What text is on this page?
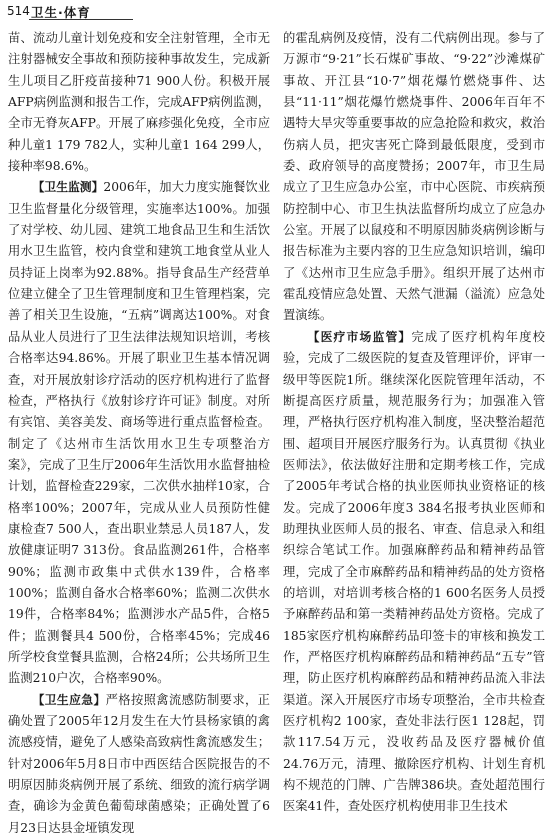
514 卫生·体育

苗、流动儿童计划免疫和安全注射管理，全市无注射器械安全事故和预防接种事故发生，完成新生儿项目乙肝疫苗接种71 900人份。积极开展AFP病例监测和报告工作，完成AFP病例监测，全市无脊灰AFP。开展了麻疹强化免疫，全市应种儿童1 179 782人，实种儿童1 164 299人，接种率98.6%。

【卫生监测】2006年，加大力度实施餐饮业卫生监督量化分级管理，实施率达100%。加强了对学校、幼儿园、建筑工地食品卫生和生活饮用水卫生监管，校内食堂和建筑工地食堂从业人员持证上岗率为92.88%。指导食品生产经营单位建立健全了卫生管理制度和卫生管理档案，完善了相关卫生设施，“五病”调离达100%。对食品从业人员进行了卫生法律法规知识培训，考核合格率达94.86%。开展了职业卫生基本情况调查，对开展放射诊疗活动的医疗机构进行了监督检查，严格执行《放射诊疗许可证》制度。对所有宾馆、美容美发、商场等进行重点监督检查。制定了《达州市生活饮用水卫生专项整治方案》，完成了卫生厅2006年生活饮用水监督抽检计划，监督检查229家，二次供水抽样10家，合格率100%；2007年，完成从业人员预防性健康检查7 500人，查出职业禁忌人员187人，发放健康证明7 313份。食品监测261件，合格率90%；监测市政集中式供水139件，合格率100%；监测自备水合格率60%；监测二次供水19件，合格率84%；监测涉水产品5件，合格5件；监测餐具4 500份，合格率45%；完成46所学校食堂餐具监测，合格24所；公共场所卫生监测210户次，合格率90%。

【卫生应急】严格按照禽流感防制要求，正确处置了2005年12月发生在大竹县杨家镇的禽流感疫情，避免了人感染高致病性禽流感发生；针对2006年5月8日市中西医结合医院报告的不明原因肺炎病例开展了系统、细致的流行病学调查，确诊为金黄色葡萄球菌感染；正确处置了6月23日达县金垭镇发现

的霍乱病例及疫情，没有二代病例出现。参与了万源市“9·21”长石煤矿事故、“9·22”沙滩煤矿事故、开江县“10·7”烟花爆竹燃烧事件、达县“11·11”烟花爆竹燃烧事件、2006年百年不遇特大旱灾等重要事故的应急抢险和救灾，救治伤病人员，把灾害死亡降到最低限度，受到市委、政府领导的高度赞扬；2007年，市卫生局成立了卫生应急办公室，市中心医院、市疾病预防控制中心、市卫生执法监督所均成立了应急办公室。开展了以鼠疫和不明原因肺炎病例诊断与报告标准为主要内容的卫生应急知识培训，编印了《达州市卫生应急手册》。组织开展了达州市霍乱疫情应急处置、天然气泄漏（溢流）应急处置演练。

【医疗市场监管】完成了医疗机构年度校验，完成了二级医院的复查及管理评价，评审一级甲等医院1所。继续深化医院管理年活动，不断提高医疗质量，规范服务行为；加强准入管理，严格执行医疗机构准入制度，坚决整治超范围、超项目开展医疗服务行为。认真贯彻《执业医师法》，依法做好注册和定期考核工作，完成了2005年考试合格的执业医师执业资格证的核发。完成了2006年度3 384名报考执业医师和助理执业医师人员的报名、审查、信息录入和组织综合笔试工作。加强麻醉药品和精神药品管理，完成了全市麻醉药品和精神药品的处方资格的培训，对培训考核合格的1 600名医务人员授予麻醉药品和第一类精神药品处方资格。完成了185家医疗机构麻醉药品印签卡的审核和换发工作，严格医疗机构麻醉药品和精神药品“五专”管理，防止医疗机构麻醉药品和精神药品流入非法渠道。深入开展医疗市场专项整治，全市共检查医疗机构2 100家，查处非法行医1 128起，罚款117.54万元，没收药品及医疗器械价值24.76万元，清理、撤除医疗机构、计划生育机构不规范的门牌、广告牌386块。查处超范围行医案41件，查处医疗机构使用非卫生技术
